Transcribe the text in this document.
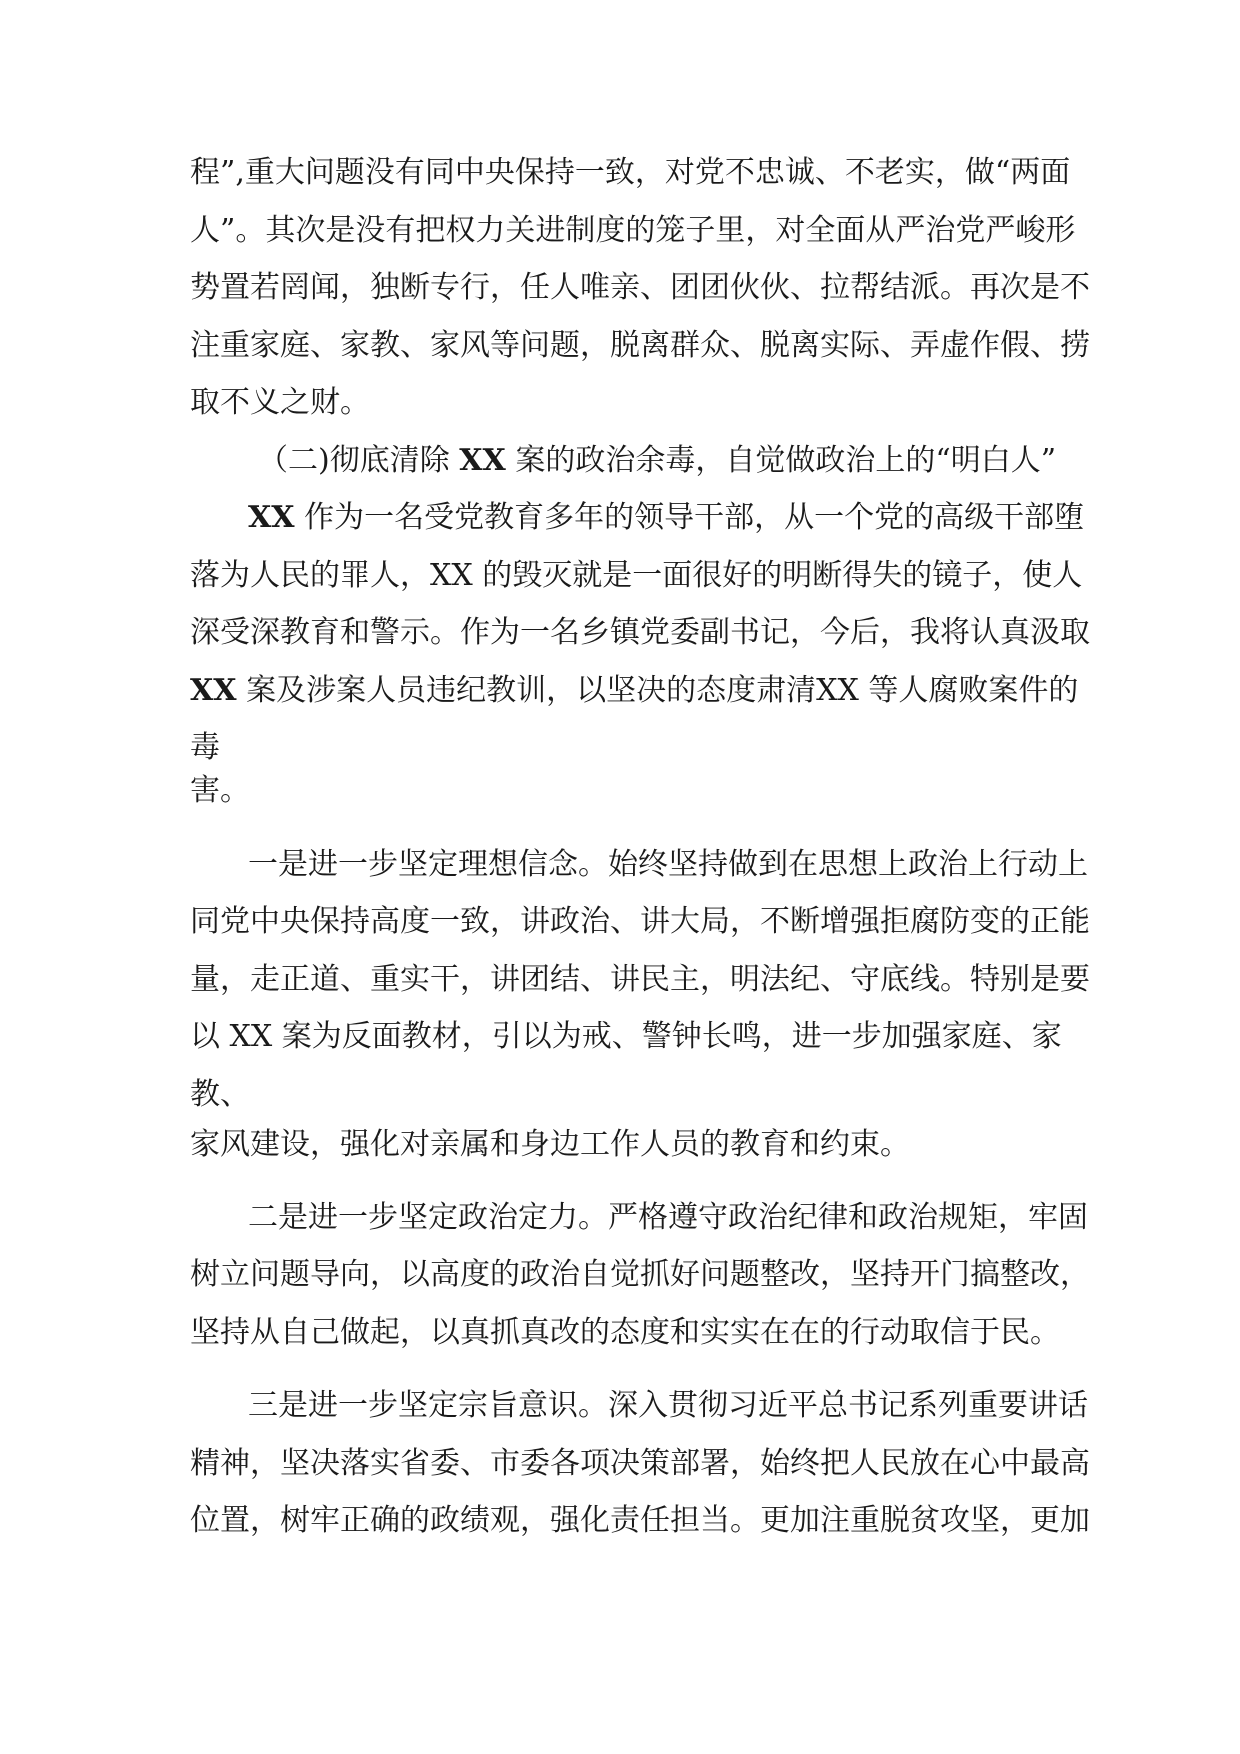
程”,重大问题没有同中央保持一致，对党不忠诚、不老实，做“两面
人”。其次是没有把权力关进制度的笼子里，对全面从严治党严峻形
势置若罔闻，独断专行，任人唯亲、团团伙伙、拉帮结派。再次是不
注重家庭、家教、家风等问题，脱离群众、脱离实际、弄虚作假、捞
取不义之财。
（二)彻底清除 XX 案的政治余毒，自觉做政治上的“明白人”
XX 作为一名受党教育多年的领导干部，从一个党的高级干部堕
落为人民的罪人，XX 的毁灭就是一面很好的明断得失的镜子，使人
深受深教育和警示。作为一名乡镇党委副书记，今后，我将认真汲取
XX 案及涉案人员违纪教训，以坚决的态度肃清XX 等人腐败案件的
毒
害。
一是进一步坚定理想信念。始终坚持做到在思想上政治上行动上
同党中央保持高度一致，讲政治、讲大局，不断增强拒腐防变的正能
量，走正道、重实干，讲团结、讲民主，明法纪、守底线。特别是要
以 XX 案为反面教材，引以为戒、警钟长鸣，进一步加强家庭、家
教、
家风建设，强化对亲属和身边工作人员的教育和约束。
二是进一步坚定政治定力。严格遵守政治纪律和政治规矩，牢固
树立问题导向，以高度的政治自觉抓好问题整改，坚持开门搞整改，
坚持从自己做起，以真抓真改的态度和实实在在的行动取信于民。
三是进一步坚定宗旨意识。深入贯彻习近平总书记系列重要讲话
精神，坚决落实省委、市委各项决策部署，始终把人民放在心中最高
位置，树牢正确的政绩观，强化责任担当。更加注重脱贫攻坚，更加
